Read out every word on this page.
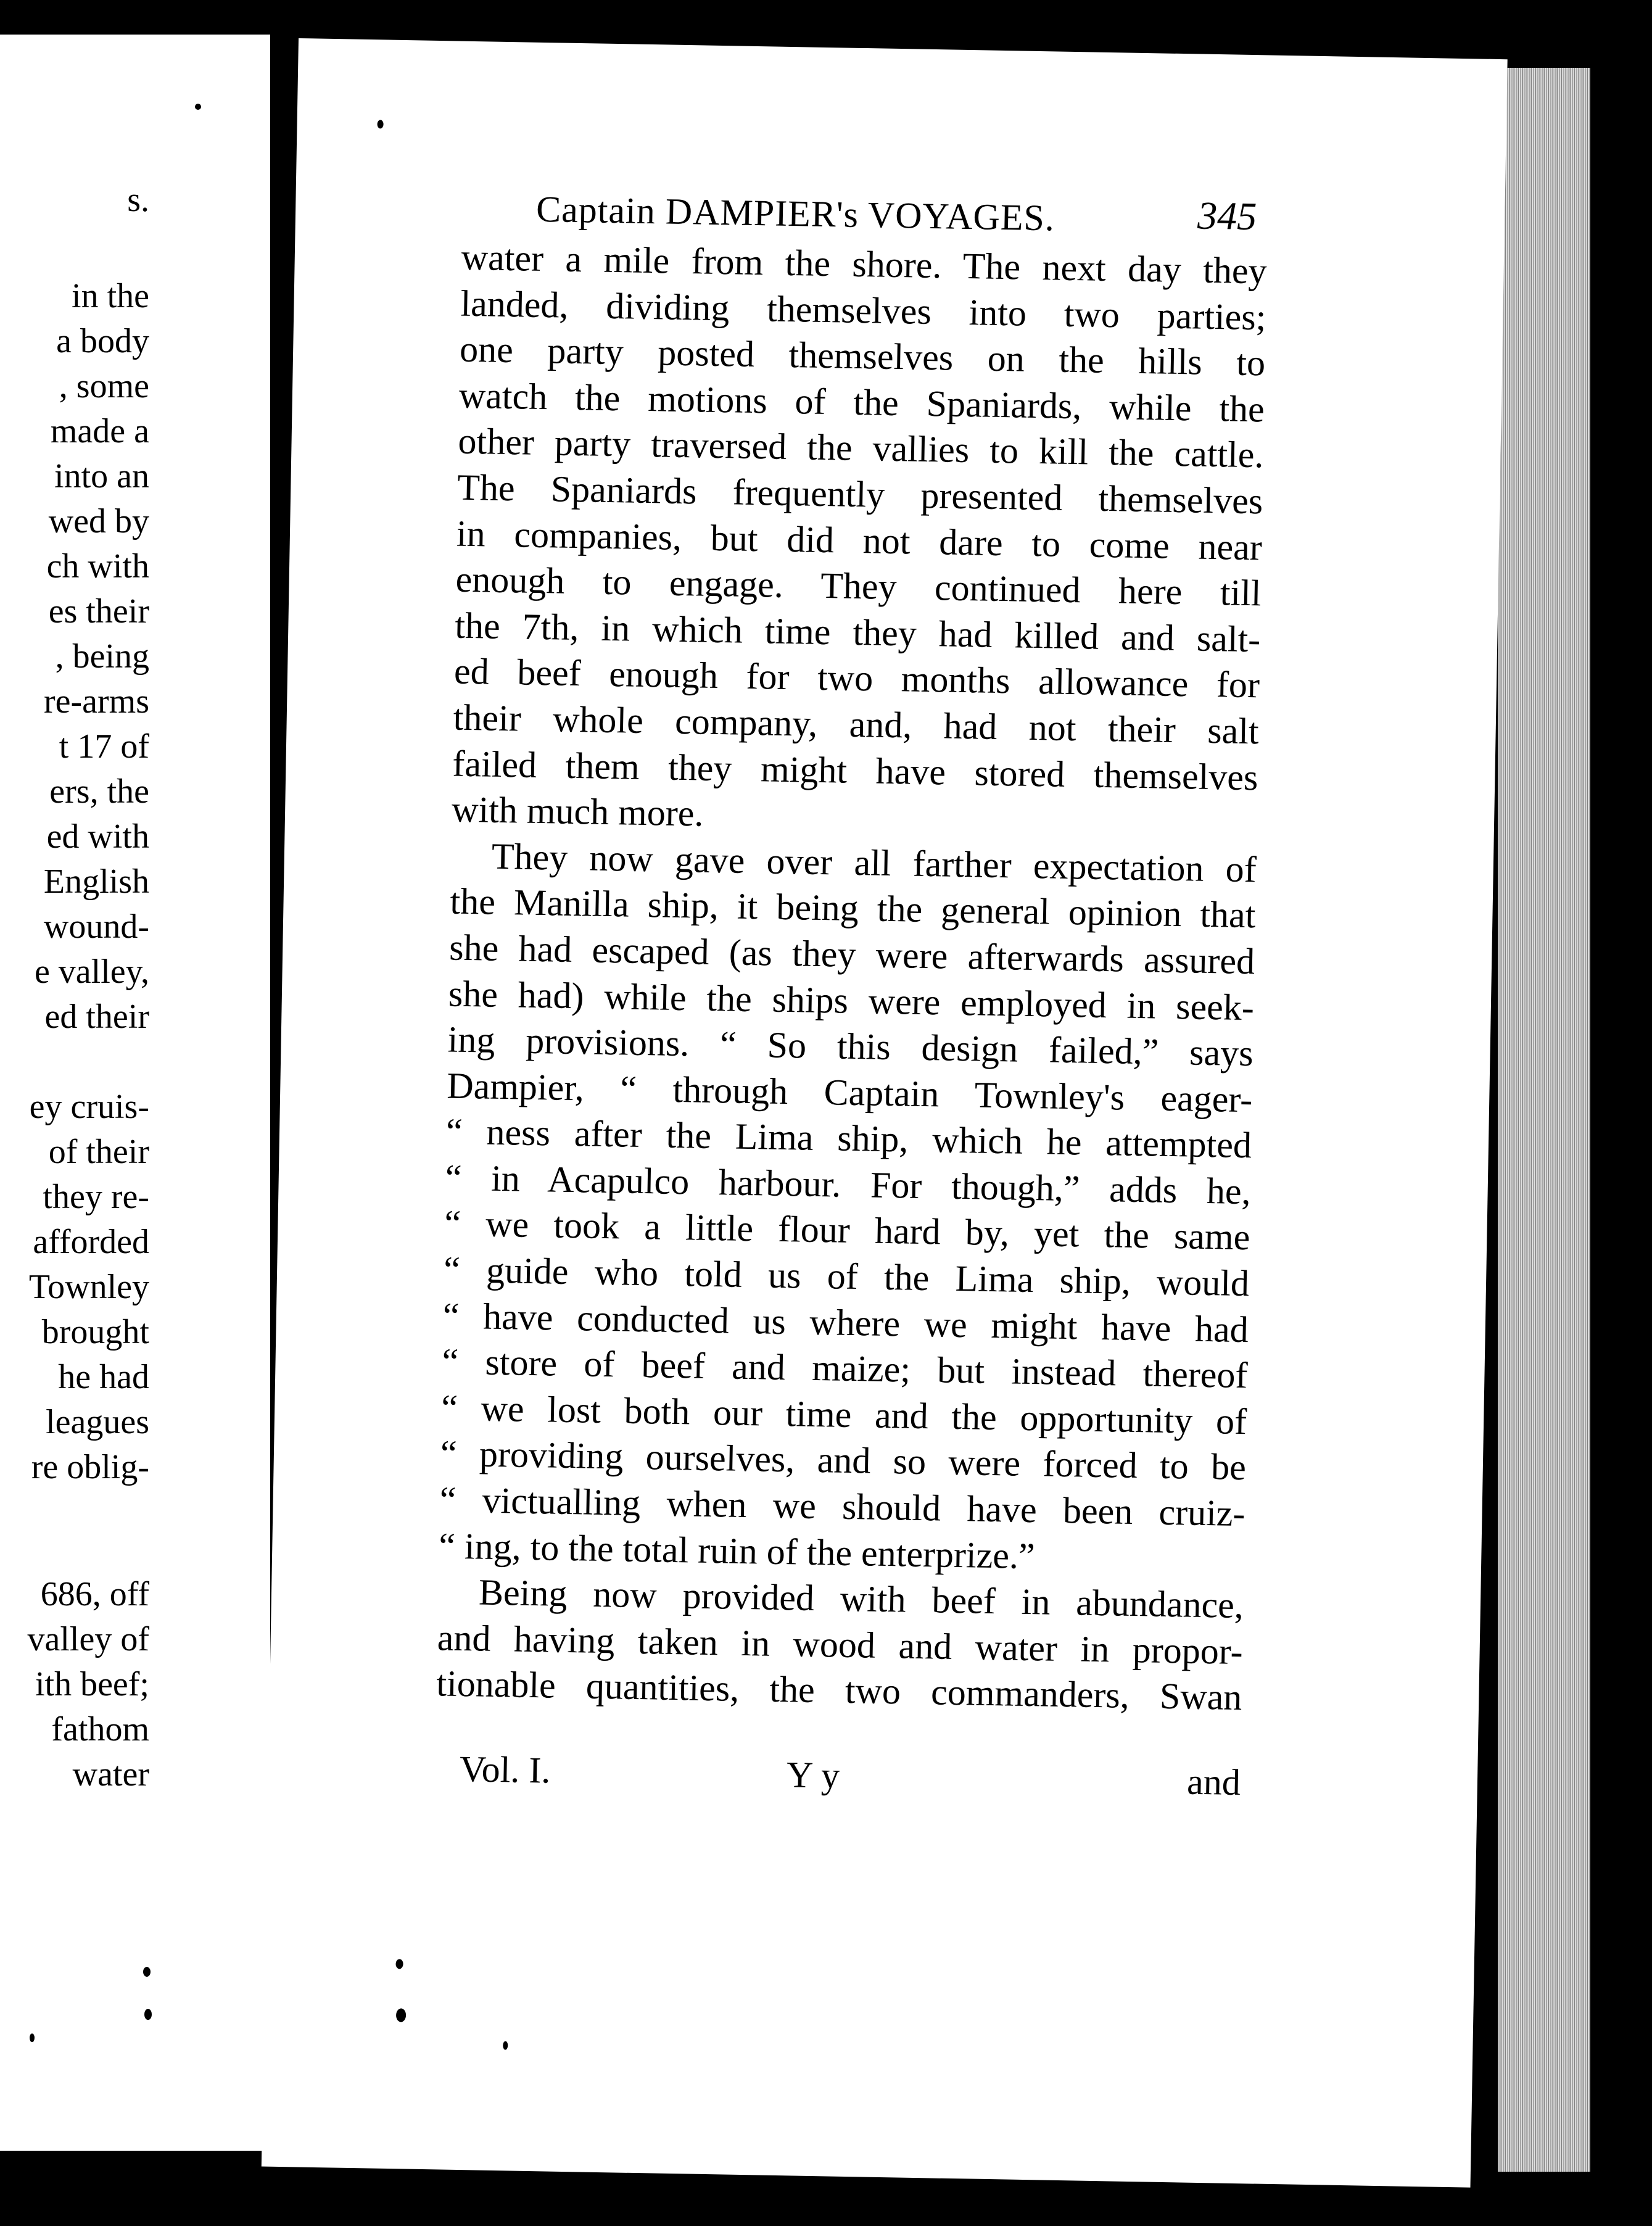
s.

in the

a body

, some

made a

into an

wed by

ch with

es their

, being

re-arms

t 17 of

ers, the

ed with

English

wound-

e valley,

ed their

ey cruis-

of their

they re-

afforded

Townley

brought

he had

leagues

re oblig-

686, off

valley of

ith beef;

fathom

water

Captain DAMPIER's VOYAGES.	345

water a mile from the shore. The next day they

landed, dividing themselves into two parties;

one party posted themselves on the hills to

watch the motions of the Spaniards, while the

other party traversed the vallies to kill the cattle.

The Spaniards frequently presented themselves

in companies, but did not dare to come near

enough to engage. They continued here till

the 7th, in which time they had killed and salt-

ed beef enough for two months allowance for

their whole company, and, had not their salt

failed them they might have stored themselves

with much more.

They now gave over all farther expectation of

the Manilla ship, it being the general opinion that

she had escaped (as they were afterwards assured

she had) while the ships were employed in seek-

ing provisions. “ So this design failed,” says

Dampier, “ through Captain Townley's eager-

“ ness after the Lima ship, which he attempted

“ in Acapulco harbour. For though,” adds he,

“ we took a little flour hard by, yet the same

“ guide who told us of the Lima ship, would

“ have conducted us where we might have had

“ store of beef and maize; but instead thereof

“ we lost both our time and the opportunity of

“ providing ourselves, and so were forced to be

“ victualling when we should have been cruiz-

“ ing, to the total ruin of the enterprize.”

Being now provided with beef in abundance,

and having taken in wood and water in propor-

tionable quantities, the two commanders, Swan

Vol. I.	Y y	and
